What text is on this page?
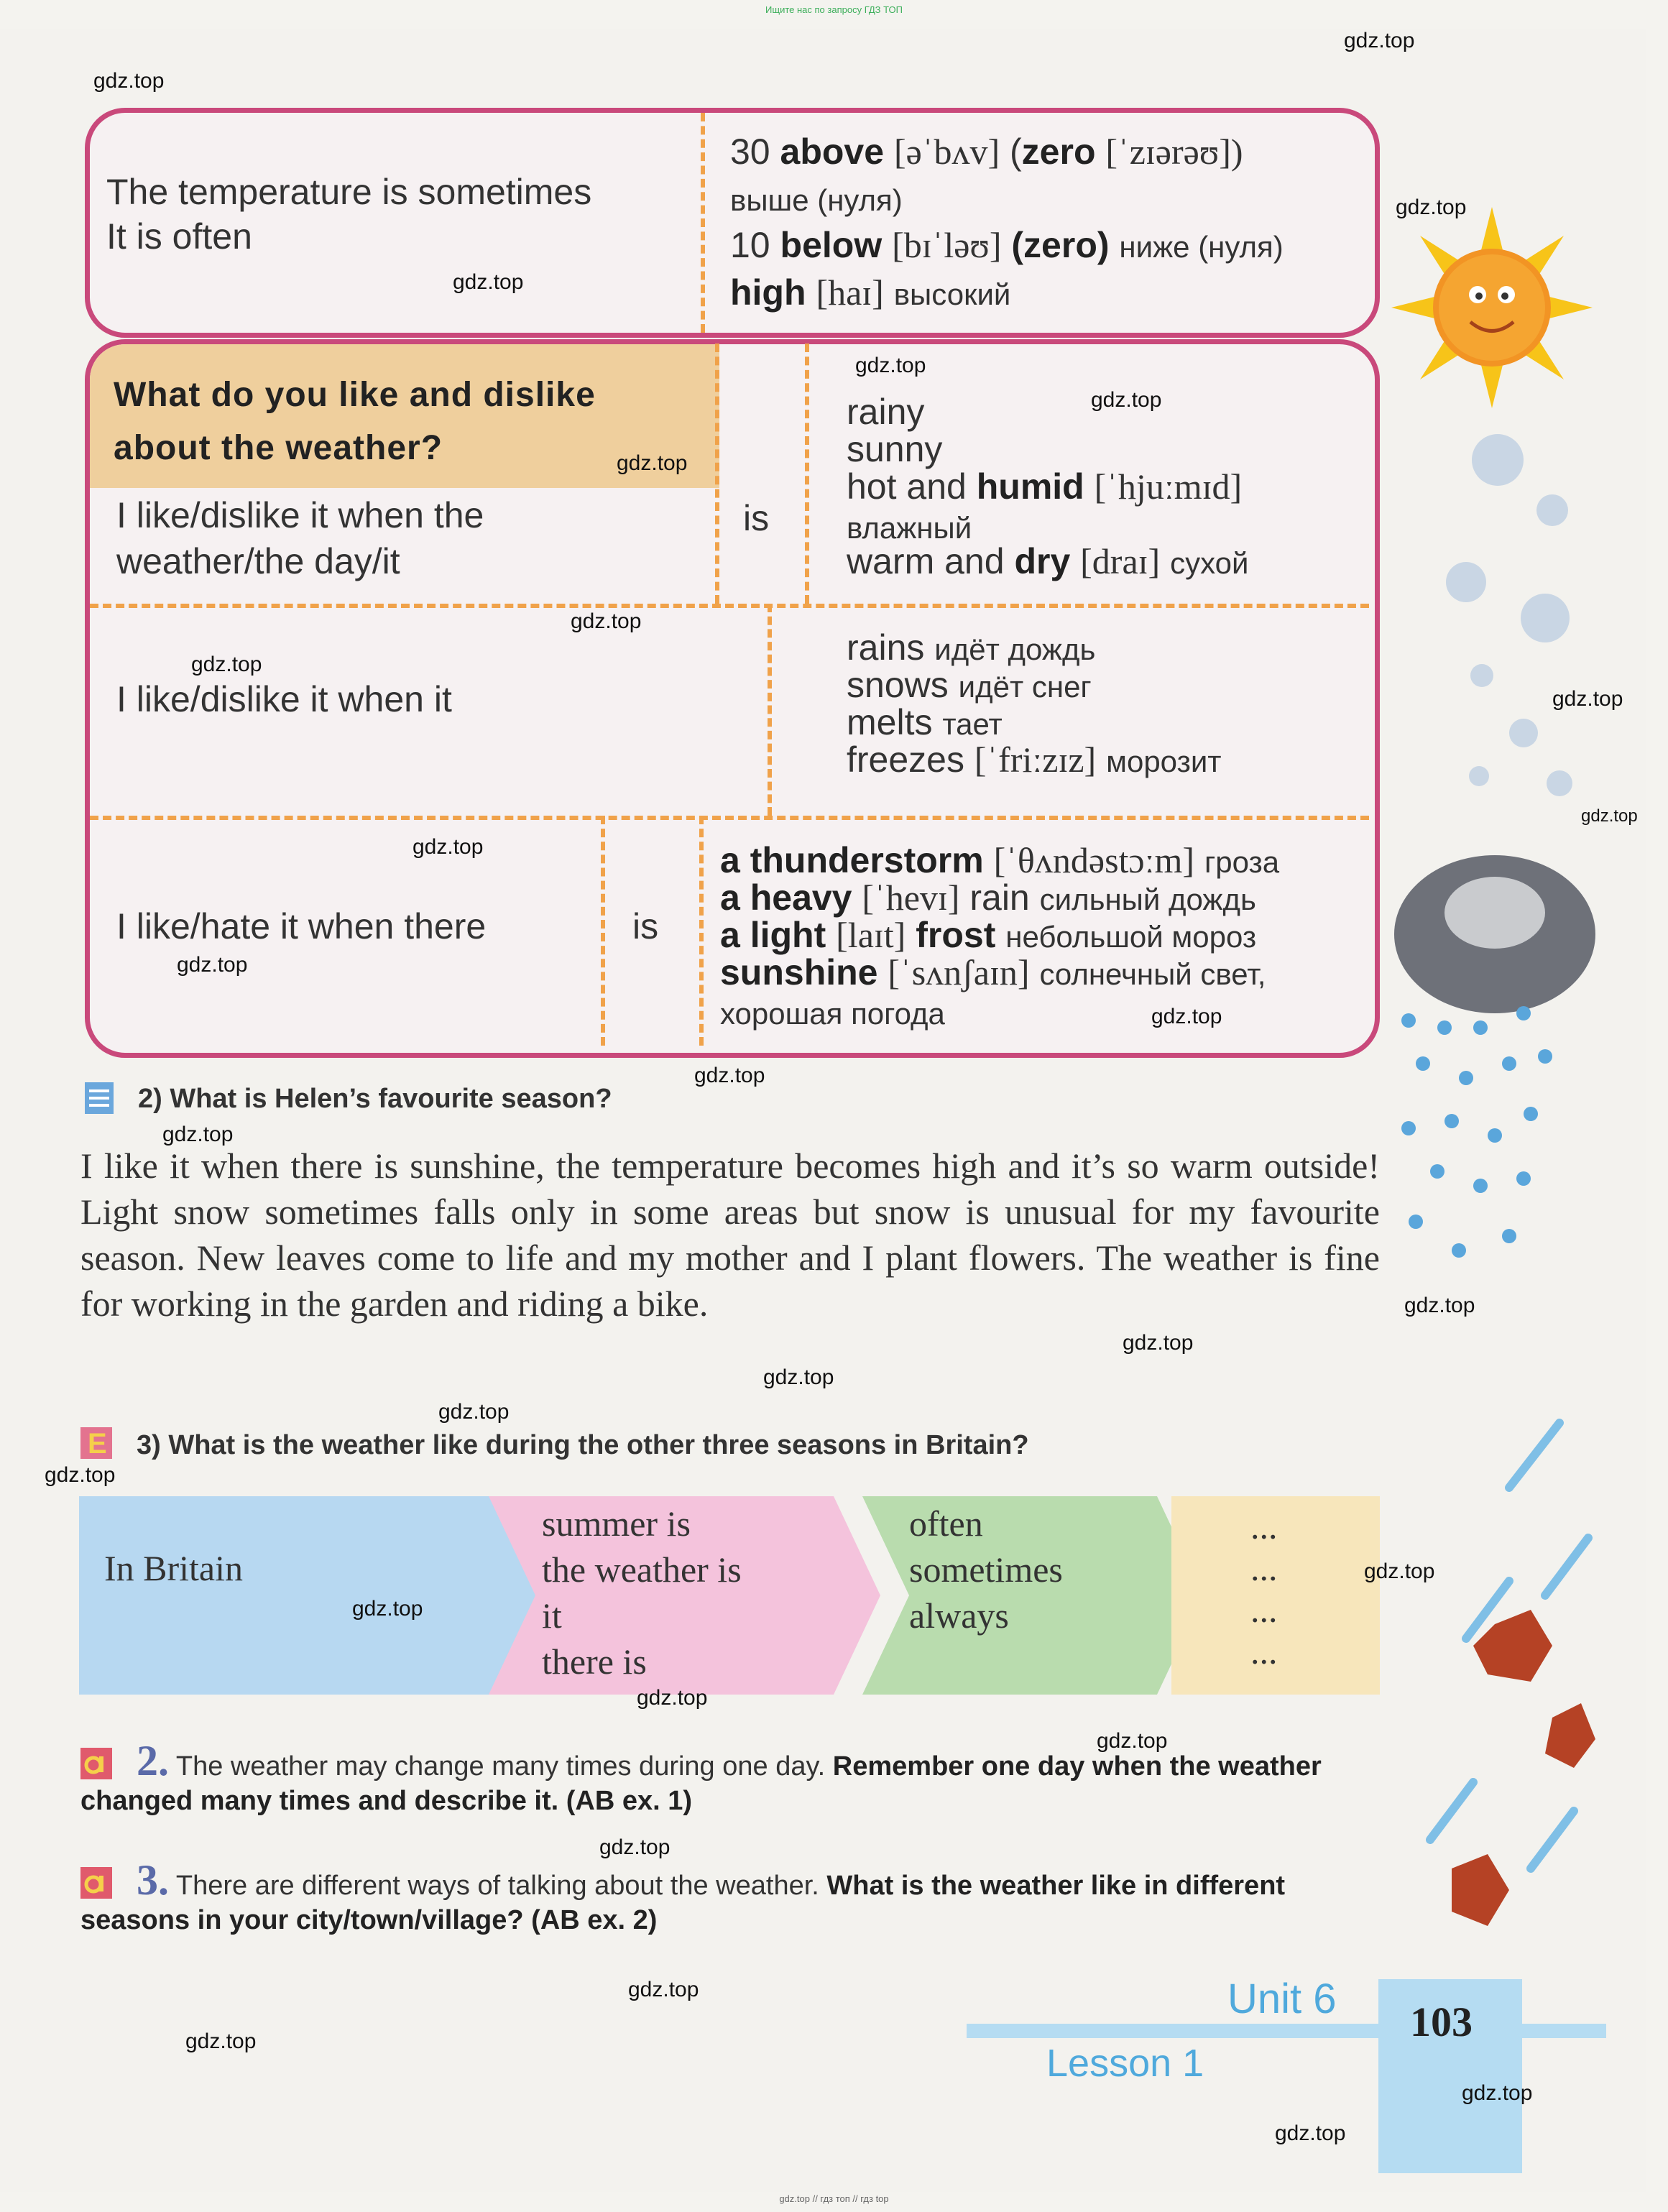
Ищите нас по запросу ГДЗ ТОП
The temperature is sometimes
It is often
30 above [əˈbʌv] (zero [ˈzɪərəʊ])
выше (нуля)
10 below [bɪˈləʊ] (zero) ниже (нуля)
high [haɪ] высокий
What do you like and dislike
about the weather?
I like/dislike it when the
weather/the day/it
is
rainy
sunny
hot and humid [ˈhjuːmɪd]
влажный
warm and dry [draɪ] сухой
I like/dislike it when it
rains идёт дождь
snows идёт снег
melts тает
freezes [ˈfriːzɪz] морозит
I like/hate it when there	is
a thunderstorm [ˈθʌndəstɔːm] гроза
a heavy [ˈhevɪ] rain сильный дождь
a light [laɪt] frost небольшой мороз
sunshine [ˈsʌnʃaɪn] солнечный свет,
хорошая погода
2) What is Helen’s favourite season?
I like it when there is sunshine, the temperature becomes high and it’s so warm outside! Light snow sometimes falls only in some areas but snow is unusual for my favourite season. New leaves come to life and my mother and I plant flowers. The weather is fine for working in the garden and riding a bike.
E 3) What is the weather like during the other three seasons in Britain?
In Britain
summer is
the weather is
it
there is
often
sometimes
always
...
...
...
...
2. The weather may change many times during one day. Remember one day when the weather changed many times and describe it. (AB ex. 1)
3. There are different ways of talking about the weather. What is the weather like in different seasons in your city/town/village? (AB ex. 2)
Unit 6
Lesson 1
103
gdz.top
gdz.top
gdz.top
gdz.top
gdz.top
gdz.top
gdz.top
gdz.top
gdz.top
gdz.top
gdz.top
gdz.top
gdz.top
gdz.top
gdz.top
gdz.top
gdz.top
gdz.top
gdz.top
gdz.top
gdz.top
gdz.top
gdz.top
gdz.top
gdz.top
gdz.top
gdz.top
gdz.top
gdz.top
gdz.top
gdz.top // гдз топ // гдз top
